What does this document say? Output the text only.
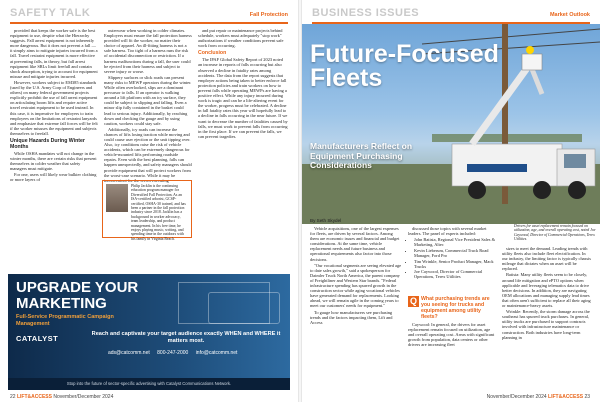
SAFETY TALK	Fall Protection

provided that keeps the worker safe is the best equipment to use, despite what the Hierarchy suggests. Fall arrest equipment is not inherently more dangerous. But it does not prevent a fall — it simply aims to mitigate injuries incurred from a fall. Travel restraint equipment is more effective at preventing falls, in theory, but fall arrest equipment like SRLs limit freefall and contain shock absorption, trying to account for equipment misuse and mitigate injuries incurred.

However, workers subject to EM385 standards (used by the U.S. Army Corp of Engineers and others) on many federal government projects explicitly prohibit the use of fall arrest equipment on articulating boom lifts and require active travel restraint equipment to be used instead. In this case, it is imperative for employers to train employees on the limitations of restraint lanyards and emphasize that extreme fall forces will be felt if the worker misuses the equipment and subjects themselves to freefall.

Unique Hazards During Winter Months

While OSHA mandates will not change in the winter months, there are certain risks that present themselves in colder weather that safety managers must mitigate.

For one, users will likely wear bulkier clothing or more layers of

outerwear when working in colder climates. Employers must ensure the fall protection harness provided will fit the worker, no matter their choice of apparel. An ill-fitting harness is not a safe harness. Too tight of a harness runs the risk of accidental disconnection or restriction. If a harness malfunctions during a fall, the user could be ejected from their harness and subject to severe injury or worse.

Slippery surfaces or slick roads can present many risks to MEWP operators during the winter. While often overlooked, slips are a dominant precursor to falls. If an operator is walking around a lift platform with an icy surface, they could be subject to slipping and falling. Even a minor slip fully contained in the basket could lead to serious injury. Additionally, by reaching down and checking the gauge and by using caution, workers could stay safe.

Additionally, icy roads can increase the chances of lifts losing traction while moving and could cause user ejection or the unit tipping over. Also, icy conditions raise the risk of vehicle accidents, which can be extremely dangerous for vehicle-mounted lifts performing roadside repairs. Even with the best planning, falls can happen unexpectedly, and safety managers should provide equipment that will protect workers from the worst-case scenario. While it may be inconvenient for the crews executing

Philip Jacklin is the continuing education program manager for Diversified Fall Protection. As an ISA-certified arborist, GCSP-certified, OSHA-30 trained, and has been a partner in the fall protection industry since 2018. Jacklin has a background in worker advocacy, team leadership, and product management. In his free time, he enjoys playing music, writing, and spending time in the outdoors with his family in Virginia Beach.

and put repair or maintenance projects behind schedule, workers must adequately "stop work" authorizations if weather conditions prevent safe work from occurring.

Conclusion

The IPAF Global Safety Report of 2023 noted an increase in reports of falls occurring but also observed a decline in fatality rates among accidents. The data from the report suggests that employer actions being taken to better enforce fall protection policies and train workers on how to prevent falls while operating MEWPs are having a positive effect. While any injury incurred during work is tragic and can be a life-altering event for the worker, progress must be celebrated. A decline in fall fatality rates this year will hopefully lead to a decline in falls occurring in the near future. If we want to decrease the number of fatalities caused by falls, we must work to prevent falls from occurring in the first place. If we can prevent the falls, we can prevent tragedies.

UPGRADE YOUR MARKETING
Full-Service Programmatic Campaign Management
CATALYST	Reach and captivate your target audience exactly WHEN and WHERE it matters most.
ads@catcomm.net 800-247-2000 info@catcomm.net
Stop into the future of sector-specific advertising with Catalyst Communications Network.
22 LIFT&ACCESS November/December 2024
BUSINESS ISSUES	Market Outlook
Future-Focused Fleets
Manufacturers Reflect on Equipment Purchasing Considerations
By Seth Skydel
Drivers for asset replacement remain focused on utilization, age, and overall operating cost, noted Joe Caywood, Director of Commercial Operations, Terex Utilities.

Vehicle acquisitions, one of the largest expenses for fleets, are driven by several factors. Among them are economic issues and financial and budget considerations. At the same time, vehicle replacement needs and future business and operational requirements also factor into those decisions.

"Our vocational segments are seeing elevated age to date sales growth," said a spokesperson for Daimler Truck North America, the parent company of Freightliner and Western Star brands. "Federal infrastructure spending has spurred growth in the construction sector while aging vocational vehicles have generated demand for replacements. Looking ahead, we will remain agile in the coming years to meet our customers' needs for equipment."

To gauge how manufacturers see purchasing trends and the factors impacting them, Lift and Access

discussed those topics with several market leaders. The panel of experts included:

• John Batista, Regional Vice President Sales & Marketing, Altec
• Kevin Lieberum, Commercial Truck Road Manager, Ford Pro
• Tim Wrinkle, Senior Product Manager, Mack Trucks
• Joe Caywood, Director of Commercial Operations, Terex Utilities
Q What purchasing trends are you seeing for trucks and equipment among utility fleets?

Caywood: In general, the drivers for asset replacement remain focused on utilization, age and overall operating cost. Areas with significant growth from population, data centers or other drivers are increasing fleet

sizes to meet the demand. Leading trends with utility fleets also include fleet electrification. In our industry, the limiting factor is typically chassis mileage that dictates when an asset will be replaced.

Batista: Many utility fleets seem to be closely, around life mitigation and ePTO options when applicable and leveraging telematics data to drive better decisions. In addition, they are navigating OEM allocations and managing supply lead times that often aren't sufficient to replace all their aging or maintenance-heavy assets.

Wrinkle: Recently, the storm damage across the southeast has spurred truck purchases. In general, utility trucks are purchased to support contracts involved with infrastructure maintenance or construction. Both industries have long-term planning in

November/December 2024 LIFT&ACCESS 23
